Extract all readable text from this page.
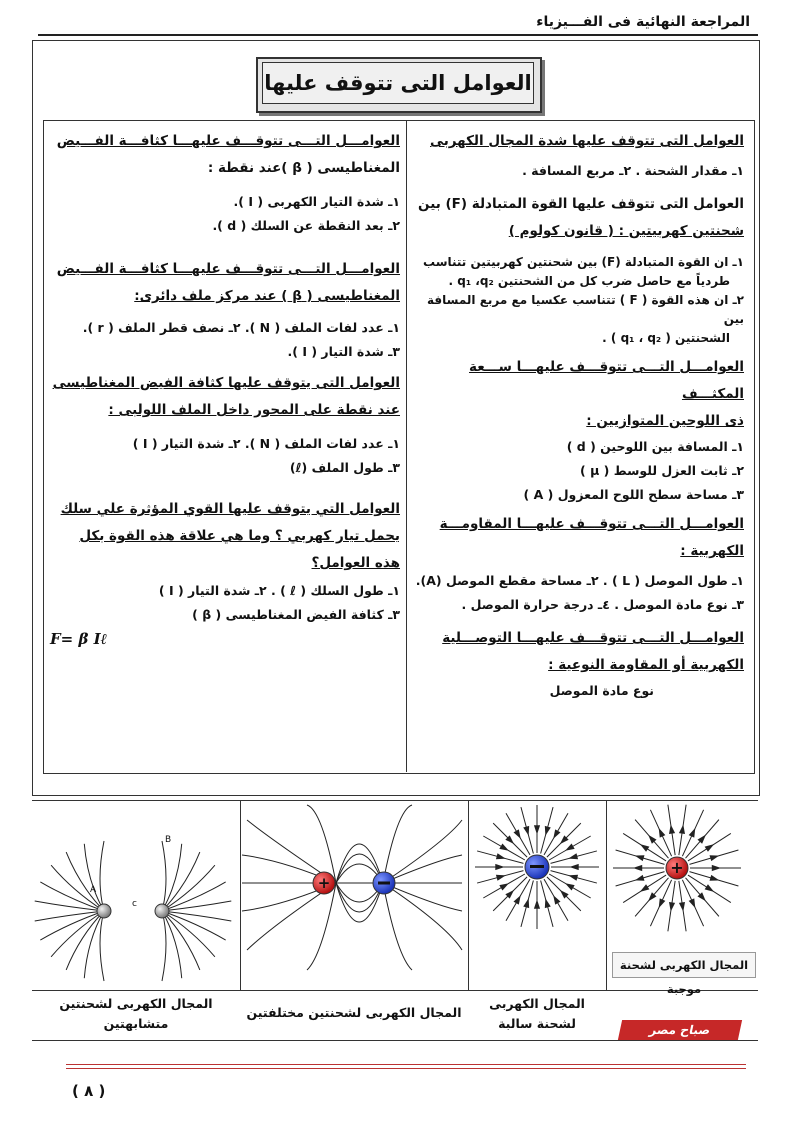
المراجعة النهائية فى الفـــيزياء
العوامل التى تتوقف عليها
العوامل التى تتوقف عليها شدة المجال الكهربى
١ـ مقدار الشحنة . ٢ـ مربع المسافة .
العوامل التى تتوقف عليها القوة المتبادلة (F) بين
شحنتين كهربيتين : ( قانون كولوم )
١ـ ان القوة المتبادلة (F) بين شحنتين كهربيتين تتناسب
طردياً مع حاصل ضرب كل من الشحنتين q₁ ،q₂ .
٢ـ ان هذه القوة ( F ) تتناسب عكسيا مع مربع المسافة بين
الشحنتين ( q₁ ، q₂ ) .
العوامـــل التـــى تتوقـــف عليهـــا ســـعة المكثـــف
ذى اللوحين المتوازيين :
١ـ المسافة بين اللوحين ( d )
٢ـ ثابت العزل للوسط ( μ )
٣ـ مساحة سطح اللوح المعزول ( A )
العوامـــل التـــى تتوقـــف عليهـــا المقاومـــة
الكهربية :
١ـ طول الموصل ( L ) . ٢ـ مساحة مقطع الموصل (A).
٣ـ نوع مادة الموصل . ٤ـ درجة حرارة الموصل .
العوامـــل التـــى تتوقـــف عليهـــا التوصـــلية
الكهربية أو المقاومة النوعية :
نوع مادة الموصل
العوامـــل التـــى تتوقـــف عليهـــا كثافـــة الفـــيض
المغناطيسى ( β )عند نقطة :
١ـ شدة التيار الكهربى ( I ).
٢ـ بعد النقطة عن السلك ( d ).
العوامـــل التـــى تتوقـــف عليهـــا كثافـــة الفـــيض
المغناطيسى ( β ) عند مركز ملف دائرى:
١ـ عدد لفات الملف ( N ). ٢ـ نصف قطر الملف ( r ).
٣ـ شدة التيار ( I ).
العوامل التى يتوقف عليها كثافة الفيض المغناطيسى
عند نقطة على المحور داخل الملف اللولبى :
١ـ عدد لفات الملف ( N ). ٢ـ شدة التيار ( I )
٣ـ طول الملف (ℓ)
العوامل التي يتوقف عليها القوي المؤثرة علي سلك
يحمل تيار كهربي ؟ وما هي علاقة هذه القوة بكل
هذه العوامل؟
١ـ طول السلك ( ℓ ) . ٢ـ شدة التيار ( I )
٣ـ كثافة الفيض المغناطيسى ( β )
F= β Iℓ
+
+
A
B
c
المجال الكهربى لشحنة موجبة
المجال الكهربى
لشحنة سالبة
المجال الكهربى لشحنتين مختلفتين
المجال الكهربى لشحنتين
متشابهتين	صباح مصر
( ٨ )
